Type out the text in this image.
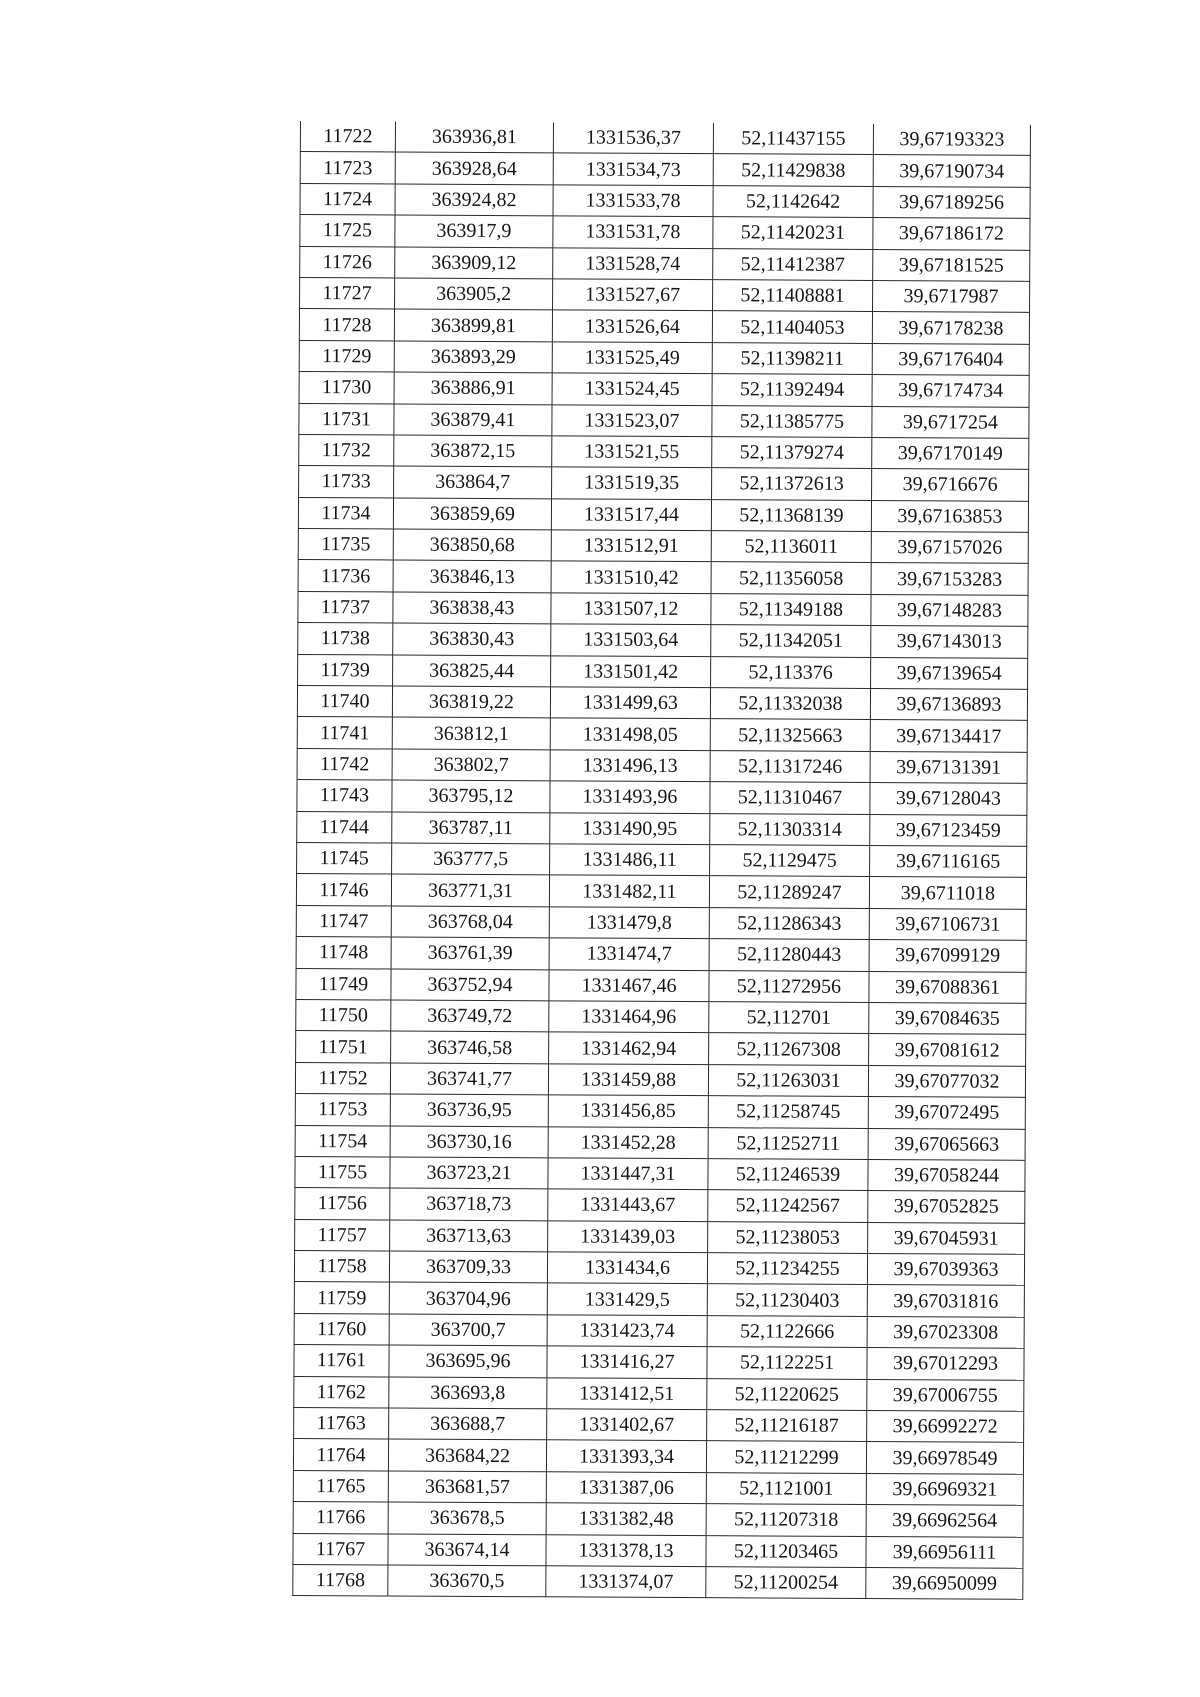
11722	363936,81	1331536,37	52,11437155	39,67193323
11723	363928,64	1331534,73	52,11429838	39,67190734
11724	363924,82	1331533,78	52,1142642	39,67189256
11725	363917,9	1331531,78	52,11420231	39,67186172
11726	363909,12	1331528,74	52,11412387	39,67181525
11727	363905,2	1331527,67	52,11408881	39,6717987
11728	363899,81	1331526,64	52,11404053	39,67178238
11729	363893,29	1331525,49	52,11398211	39,67176404
11730	363886,91	1331524,45	52,11392494	39,67174734
11731	363879,41	1331523,07	52,11385775	39,6717254
11732	363872,15	1331521,55	52,11379274	39,67170149
11733	363864,7	1331519,35	52,11372613	39,6716676
11734	363859,69	1331517,44	52,11368139	39,67163853
11735	363850,68	1331512,91	52,1136011	39,67157026
11736	363846,13	1331510,42	52,11356058	39,67153283
11737	363838,43	1331507,12	52,11349188	39,67148283
11738	363830,43	1331503,64	52,11342051	39,67143013
11739	363825,44	1331501,42	52,113376	39,67139654
11740	363819,22	1331499,63	52,11332038	39,67136893
11741	363812,1	1331498,05	52,11325663	39,67134417
11742	363802,7	1331496,13	52,11317246	39,67131391
11743	363795,12	1331493,96	52,11310467	39,67128043
11744	363787,11	1331490,95	52,11303314	39,67123459
11745	363777,5	1331486,11	52,1129475	39,67116165
11746	363771,31	1331482,11	52,11289247	39,6711018
11747	363768,04	1331479,8	52,11286343	39,67106731
11748	363761,39	1331474,7	52,11280443	39,67099129
11749	363752,94	1331467,46	52,11272956	39,67088361
11750	363749,72	1331464,96	52,112701	39,67084635
11751	363746,58	1331462,94	52,11267308	39,67081612
11752	363741,77	1331459,88	52,11263031	39,67077032
11753	363736,95	1331456,85	52,11258745	39,67072495
11754	363730,16	1331452,28	52,11252711	39,67065663
11755	363723,21	1331447,31	52,11246539	39,67058244
11756	363718,73	1331443,67	52,11242567	39,67052825
11757	363713,63	1331439,03	52,11238053	39,67045931
11758	363709,33	1331434,6	52,11234255	39,67039363
11759	363704,96	1331429,5	52,11230403	39,67031816
11760	363700,7	1331423,74	52,1122666	39,67023308
11761	363695,96	1331416,27	52,1122251	39,67012293
11762	363693,8	1331412,51	52,11220625	39,67006755
11763	363688,7	1331402,67	52,11216187	39,66992272
11764	363684,22	1331393,34	52,11212299	39,66978549
11765	363681,57	1331387,06	52,1121001	39,66969321
11766	363678,5	1331382,48	52,11207318	39,66962564
11767	363674,14	1331378,13	52,11203465	39,66956111
11768	363670,5	1331374,07	52,11200254	39,66950099
